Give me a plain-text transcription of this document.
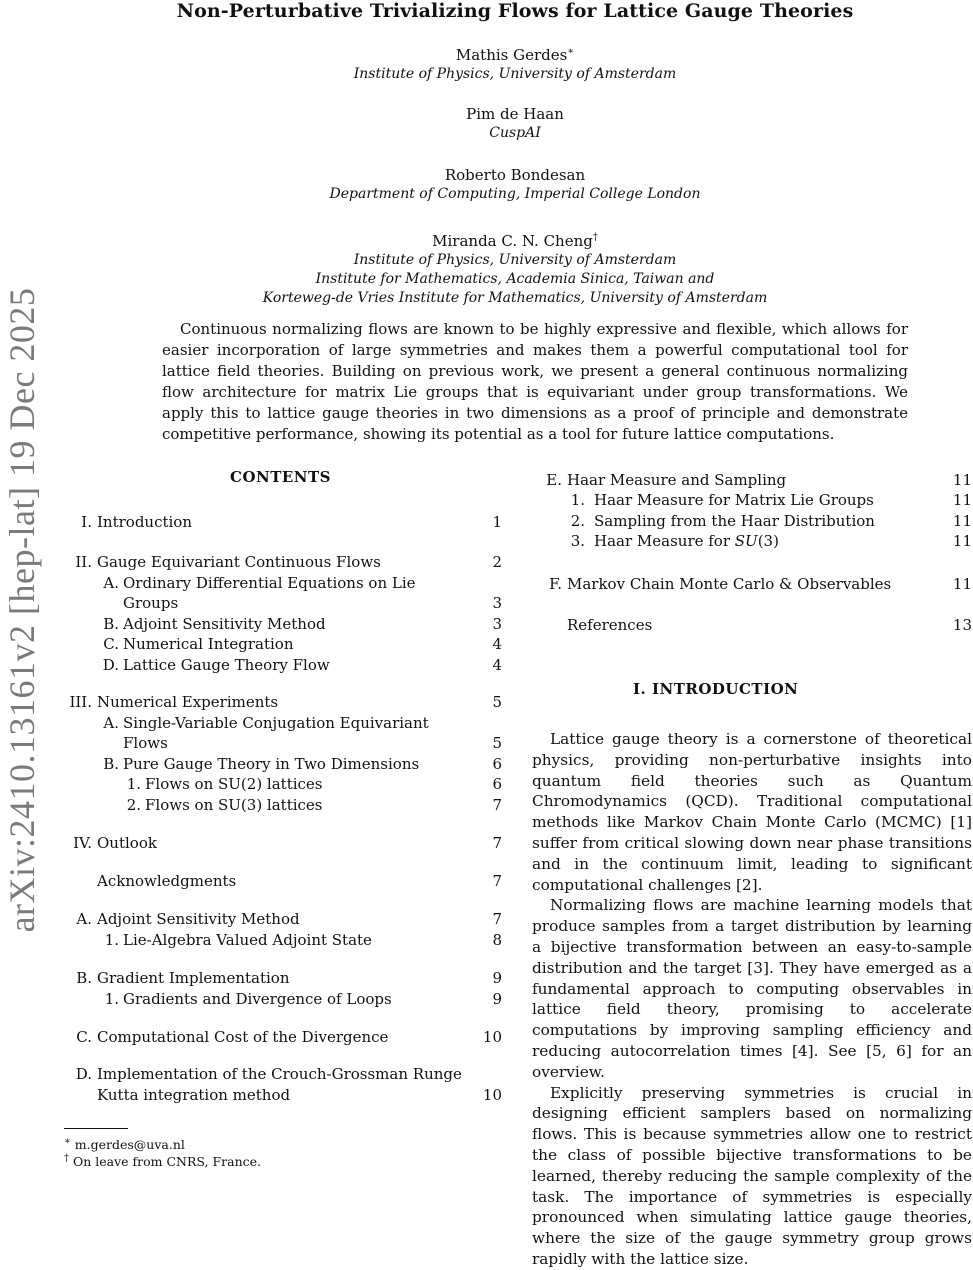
Non-Perturbative Trivializing Flows for Lattice Gauge Theories
Mathis Gerdes∗
Institute of Physics, University of Amsterdam
Pim de Haan
CuspAI
Roberto Bondesan
Department of Computing, Imperial College London
Miranda C. N. Cheng†
Institute of Physics, University of Amsterdam
Institute for Mathematics, Academia Sinica, Taiwan and
Korteweg-de Vries Institute for Mathematics, University of Amsterdam
arXiv:2410.13161v2 [hep-lat] 19 Dec 2025	Continuous normalizing flows are known to be highly expressive and flexible, which allows for easier incorporation of large symmetries and makes them a powerful computational tool for lattice field theories. Building on previous work, we present a general continuous normalizing flow architecture for matrix Lie groups that is equivariant under group transformations. We apply this to lattice gauge theories in two dimensions as a proof of principle and demonstrate competitive performance, showing its potential as a tool for future lattice computations.

CONTENTS
I. Introduction	1
II. Gauge Equivariant Continuous Flows	2
A. Ordinary Differential Equations on Lie
Groups	3
B. Adjoint Sensitivity Method	3
C. Numerical Integration	4
D. Lattice Gauge Theory Flow	4
III. Numerical Experiments	5
A. Single-Variable Conjugation Equivariant
Flows	5
B. Pure Gauge Theory in Two Dimensions	6
1. Flows on SU(2) lattices	6
2. Flows on SU(3) lattices	7
IV. Outlook	7
Acknowledgments	7
A. Adjoint Sensitivity Method	7
1. Lie-Algebra Valued Adjoint State	8
B. Gradient Implementation	9
1. Gradients and Divergence of Loops	9
C. Computational Cost of the Divergence	10
D. Implementation of the Crouch-Grossman Runge
Kutta integration method	10
E. Haar Measure and Sampling	11
1. Haar Measure for Matrix Lie Groups	11
2. Sampling from the Haar Distribution	11
3. Haar Measure for SU(3)	11
F. Markov Chain Monte Carlo & Observables	11
References	13
I. INTRODUCTION

Lattice gauge theory is a cornerstone of theoretical physics, providing non-perturbative insights into quantum field theories such as Quantum Chromodynamics (QCD). Traditional computational methods like Markov Chain Monte Carlo (MCMC) [1] suffer from critical slowing down near phase transitions and in the continuum limit, leading to significant computational challenges [2].

Normalizing flows are machine learning models that produce samples from a target distribution by learning a bijective transformation between an easy-to-sample distribution and the target [3]. They have emerged as a fundamental approach to computing observables in lattice field theory, promising to accelerate computations by improving sampling efficiency and reducing autocorrelation times [4]. See [5, 6] for an overview.

Explicitly preserving symmetries is crucial in designing efficient samplers based on normalizing flows. This is because symmetries allow one to restrict the class of possible bijective transformations to be learned, thereby reducing the sample complexity of the task. The importance of symmetries is especially pronounced when simulating lattice gauge theories, where the size of the gauge symmetry group grows rapidly with the lattice size.

∗ m.gerdes@uva.nl
† On leave from CNRS, France.
